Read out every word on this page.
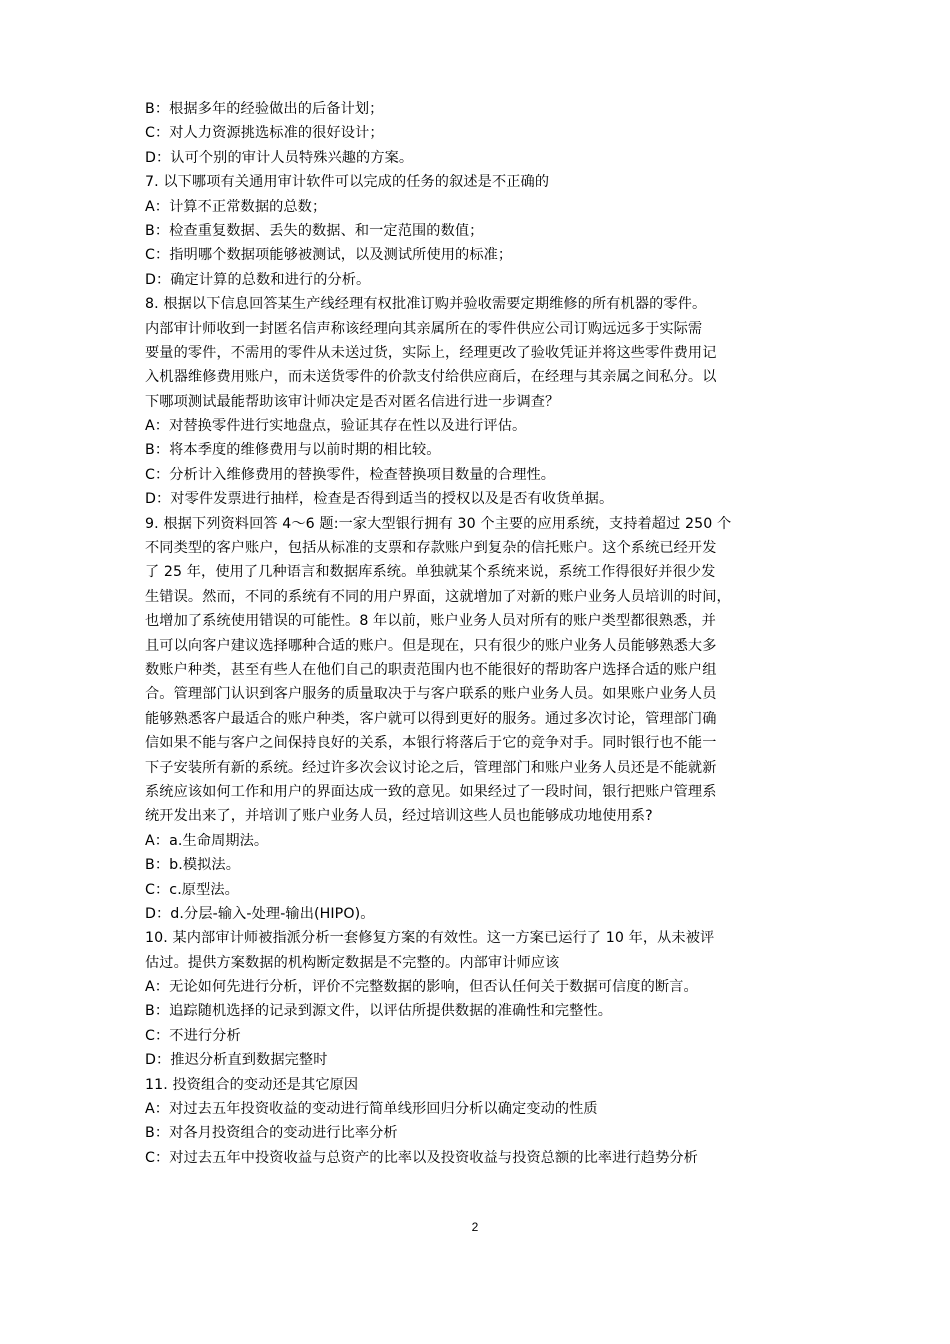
B：根据多年的经验做出的后备计划；
C：对人力资源挑选标准的很好设计；
D：认可个别的审计人员特殊兴趣的方案。
7. 以下哪项有关通用审计软件可以完成的任务的叙述是不正确的
A：计算不正常数据的总数；
B：检查重复数据、丢失的数据、和一定范围的数值；
C：指明哪个数据项能够被测试，以及测试所使用的标准；
D：确定计算的总数和进行的分析。
8. 根据以下信息回答某生产线经理有权批准订购并验收需要定期维修的所有机器的零件。
内部审计师收到一封匿名信声称该经理向其亲属所在的零件供应公司订购远远多于实际需
要量的零件，不需用的零件从未送过货，实际上，经理更改了验收凭证并将这些零件费用记
入机器维修费用账户，而未送货零件的价款支付给供应商后，在经理与其亲属之间私分。以
下哪项测试最能帮助该审计师决定是否对匿名信进行进一步调查？
A：对替换零件进行实地盘点，验证其存在性以及进行评估。
B：将本季度的维修费用与以前时期的相比较。
C：分析计入维修费用的替换零件，检查替换项目数量的合理性。
D：对零件发票进行抽样，检查是否得到适当的授权以及是否有收货单据。
9. 根据下列资料回答 4～6 题:一家大型银行拥有 30 个主要的应用系统，支持着超过 250 个
不同类型的客户账户，包括从标准的支票和存款账户到复杂的信托账户。这个系统已经开发
了 25 年，使用了几种语言和数据库系统。单独就某个系统来说，系统工作得很好并很少发
生错误。然而，不同的系统有不同的用户界面，这就增加了对新的账户业务人员培训的时间，
也增加了系统使用错误的可能性。8 年以前，账户业务人员对所有的账户类型都很熟悉，并
且可以向客户建议选择哪种合适的账户。但是现在，只有很少的账户业务人员能够熟悉大多
数账户种类，甚至有些人在他们自己的职责范围内也不能很好的帮助客户选择合适的账户组
合。管理部门认识到客户服务的质量取决于与客户联系的账户业务人员。如果账户业务人员
能够熟悉客户最适合的账户种类，客户就可以得到更好的服务。通过多次讨论，管理部门确
信如果不能与客户之间保持良好的关系，本银行将落后于它的竞争对手。同时银行也不能一
下子安装所有新的系统。经过许多次会议讨论之后，管理部门和账户业务人员还是不能就新
系统应该如何工作和用户的界面达成一致的意见。如果经过了一段时间，银行把账户管理系
统开发出来了，并培训了账户业务人员，经过培训这些人员也能够成功地使用系?
A：a.生命周期法。
B：b.模拟法。
C：c.原型法。
D：d.分层-输入-处理-输出(HIPO)。
10. 某内部审计师被指派分析一套修复方案的有效性。这一方案已运行了 10 年，从未被评
估过。提供方案数据的机构断定数据是不完整的。内部审计师应该
A：无论如何先进行分析，评价不完整数据的影响，但否认任何关于数据可信度的断言。
B：追踪随机选择的记录到源文件，以评估所提供数据的准确性和完整性。
C：不进行分析
D：推迟分析直到数据完整时
11. 投资组合的变动还是其它原因
A：对过去五年投资收益的变动进行简单线形回归分析以确定变动的性质
B：对各月投资组合的变动进行比率分析
C：对过去五年中投资收益与总资产的比率以及投资收益与投资总额的比率进行趋势分析
2
